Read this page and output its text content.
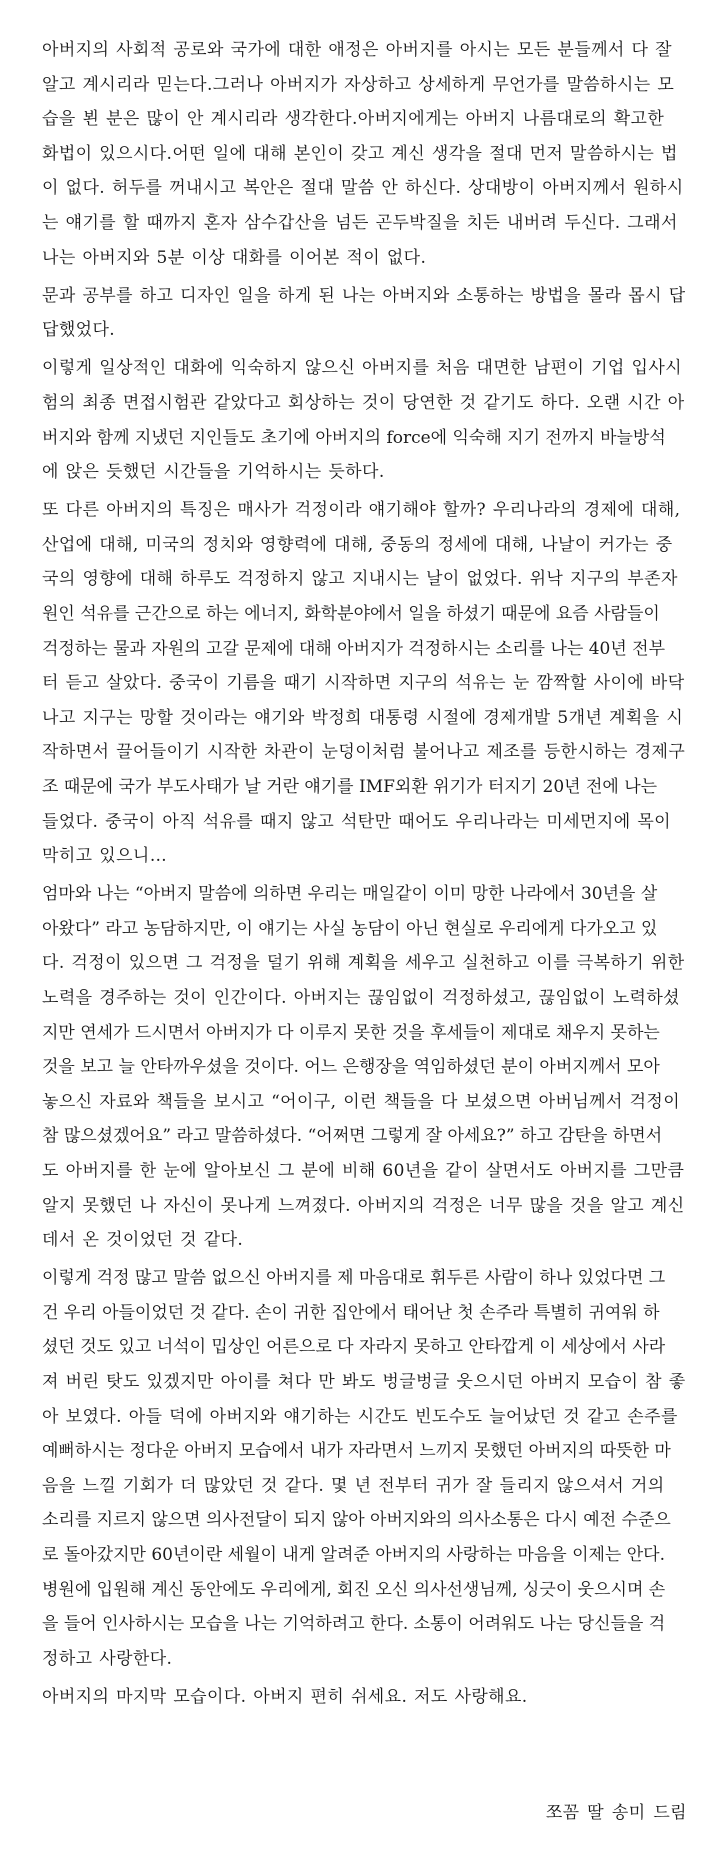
아버지의 사회적 공로와 국가에 대한 애정은 아버지를 아시는 모든 분들께서 다 잘
알고 계시리라 믿는다.그러나 아버지가 자상하고 상세하게 무언가를 말씀하시는 모
습을 뵌 분은 많이 안 계시리라 생각한다.아버지에게는 아버지 나름대로의 확고한
화법이 있으시다.어떤 일에 대해 본인이 갖고 계신 생각을 절대 먼저 말씀하시는 법
이 없다. 허두를 꺼내시고 복안은 절대 말씀 안 하신다. 상대방이 아버지께서 원하시
는 얘기를 할 때까지 혼자 삼수갑산을 넘든 곤두박질을 치든 내버려 두신다. 그래서
나는 아버지와 5분 이상 대화를 이어본 적이 없다.
문과 공부를 하고 디자인 일을 하게 된 나는 아버지와 소통하는 방법을 몰라 몹시 답
답했었다.
이렇게 일상적인 대화에 익숙하지 않으신 아버지를 처음 대면한 남편이 기업 입사시
험의 최종 면접시험관 같았다고 회상하는 것이 당연한 것 같기도 하다. 오랜 시간 아
버지와 함께 지냈던 지인들도 초기에 아버지의 force에 익숙해 지기 전까지 바늘방석
에 앉은 듯했던 시간들을 기억하시는 듯하다.
또 다른 아버지의 특징은 매사가 걱정이라 얘기해야 할까? 우리나라의 경제에 대해,
산업에 대해, 미국의 정치와 영향력에 대해, 중동의 정세에 대해, 나날이 커가는 중
국의 영향에 대해 하루도 걱정하지 않고 지내시는 날이 없었다. 위낙 지구의 부존자
원인 석유를 근간으로 하는 에너지, 화학분야에서 일을 하셨기 때문에 요즘 사람들이
걱정하는 물과 자원의 고갈 문제에 대해 아버지가 걱정하시는 소리를 나는 40년 전부
터 듣고 살았다. 중국이 기름을 때기 시작하면 지구의 석유는 눈 깜짝할 사이에 바닥
나고 지구는 망할 것이라는 얘기와 박정희 대통령 시절에 경제개발 5개년 계획을 시
작하면서 끌어들이기 시작한 차관이 눈덩이처럼 불어나고 제조를 등한시하는 경제구
조 때문에 국가 부도사태가 날 거란 얘기를 IMF외환 위기가 터지기 20년 전에 나는
들었다. 중국이 아직 석유를 때지 않고 석탄만 때어도 우리나라는 미세먼지에 목이
막히고 있으니…
엄마와 나는 “아버지 말씀에 의하면 우리는 매일같이 이미 망한 나라에서 30년을 살
아왔다” 라고 농담하지만, 이 얘기는 사실 농담이 아닌 현실로 우리에게 다가오고 있
다. 걱정이 있으면 그 걱정을 덜기 위해 계획을 세우고 실천하고 이를 극복하기 위한
노력을 경주하는 것이 인간이다. 아버지는 끊임없이 걱정하셨고, 끊임없이 노력하셨
지만 연세가 드시면서 아버지가 다 이루지 못한 것을 후세들이 제대로 채우지 못하는
것을 보고 늘 안타까우셨을 것이다. 어느 은행장을 역임하셨던 분이 아버지께서 모아
놓으신 자료와 책들을 보시고 “어이구, 이런 책들을 다 보셨으면 아버님께서 걱정이
참 많으셨겠어요” 라고 말씀하셨다. “어쩌면 그렇게 잘 아세요?” 하고 감탄을 하면서
도 아버지를 한 눈에 알아보신 그 분에 비해 60년을 같이 살면서도 아버지를 그만큼
알지 못했던 나 자신이 못나게 느껴졌다. 아버지의 걱정은 너무 많을 것을 알고 계신
데서 온 것이었던 것 같다.
이렇게 걱정 많고 말씀 없으신 아버지를 제 마음대로 휘두른 사람이 하나 있었다면 그
건 우리 아들이었던 것 같다. 손이 귀한 집안에서 태어난 첫 손주라 특별히 귀여워 하
셨던 것도 있고 너석이 밉상인 어른으로 다 자라지 못하고 안타깝게 이 세상에서 사라
져 버린 탓도 있겠지만 아이를 쳐다 만 봐도 벙글벙글 웃으시던 아버지 모습이 참 좋
아 보였다. 아들 덕에 아버지와 얘기하는 시간도 빈도수도 늘어났던 것 같고 손주를
예뻐하시는 정다운 아버지 모습에서 내가 자라면서 느끼지 못했던 아버지의 따뜻한 마
음을 느낄 기회가 더 많았던 것 같다. 몇 년 전부터 귀가 잘 들리지 않으셔서 거의
소리를 지르지 않으면 의사전달이 되지 않아 아버지와의 의사소통은 다시 예전 수준으
로 돌아갔지만 60년이란 세월이 내게 알려준 아버지의 사랑하는 마음을 이제는 안다.
병원에 입원해 계신 동안에도 우리에게, 회진 오신 의사선생님께, 싱긋이 웃으시며 손
을 들어 인사하시는 모습을 나는 기억하려고 한다. 소통이 어려워도 나는 당신들을 걱
정하고 사랑한다.
아버지의 마지막 모습이다. 아버지 편히 쉬세요. 저도 사랑해요.
쪼꼼 딸 송미 드림
